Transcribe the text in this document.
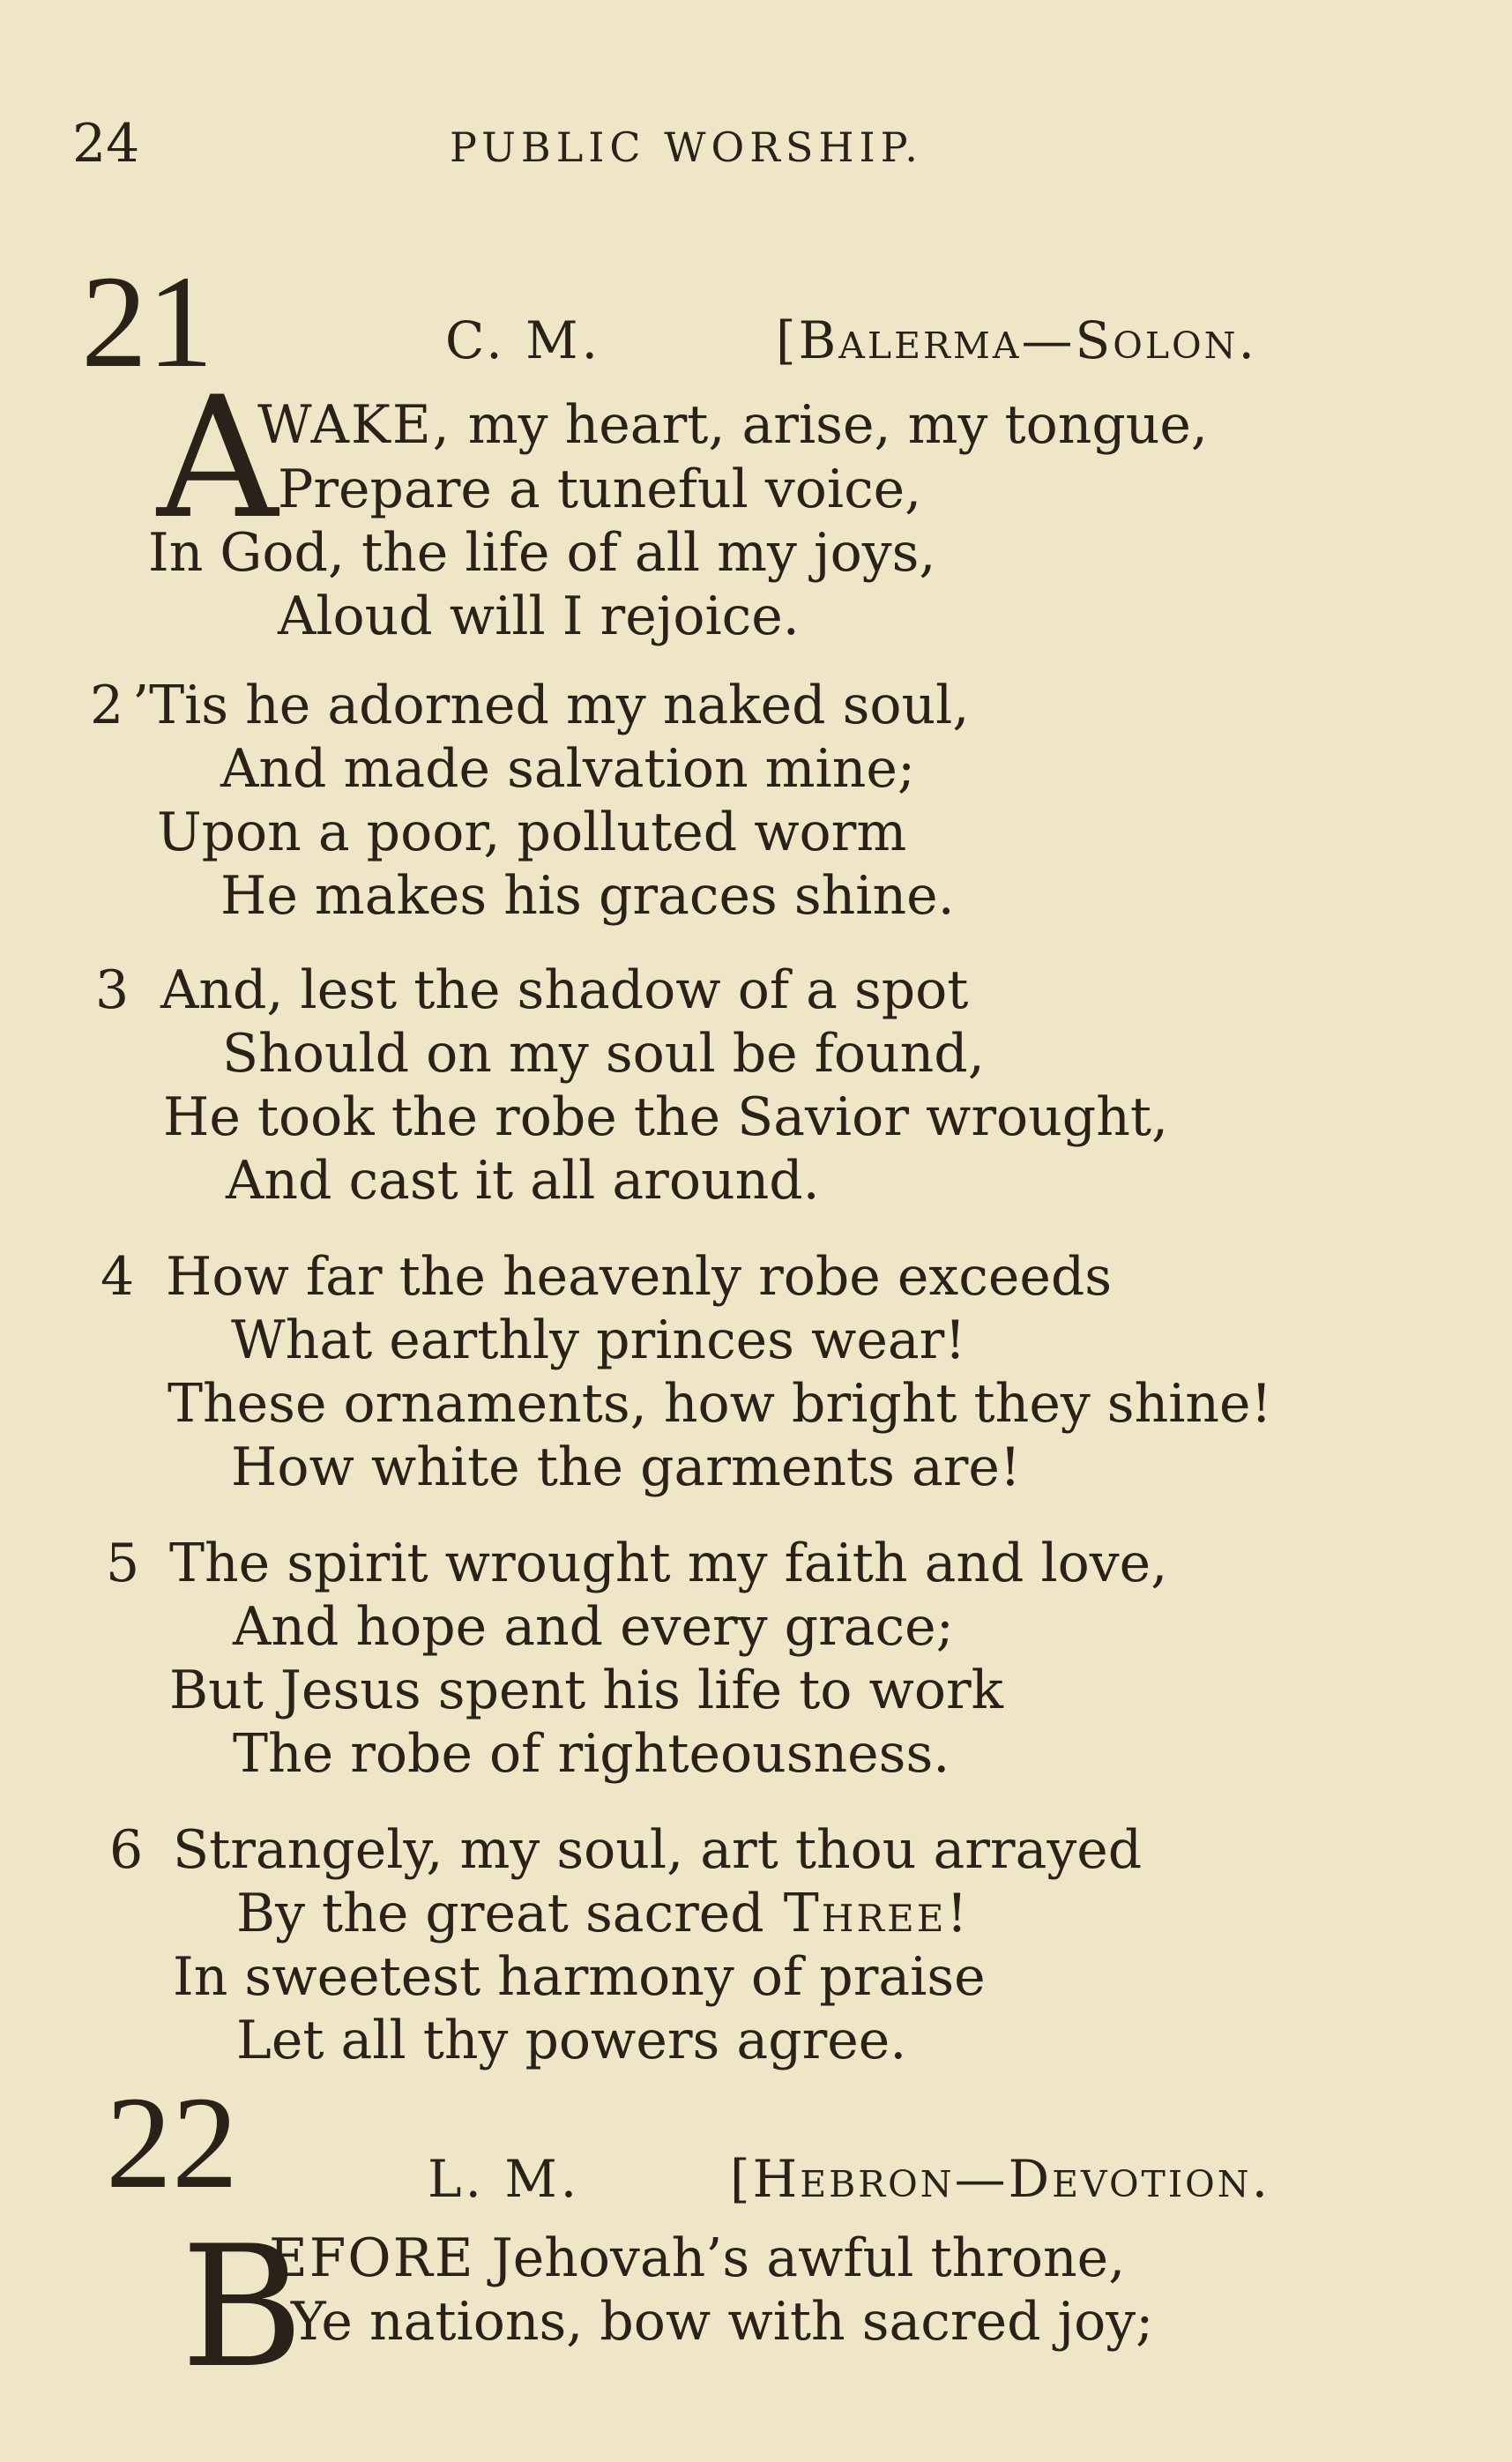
24	PUBLIC WORSHIP.
21	C. M.	[Balerma—Solon.
A
WAKE, my heart, arise, my tongue,
Prepare a tuneful voice,
In God, the life of all my joys,
Aloud will I rejoice.
2 ’Tis he adorned my naked soul,
And made salvation mine;
Upon a poor, polluted worm
He makes his graces shine.
3 And, lest the shadow of a spot
Should on my soul be found,
He took the robe the Savior wrought,
And cast it all around.
4 How far the heavenly robe exceeds
What earthly princes wear!
These ornaments, how bright they shine!
How white the garments are!
5 The spirit wrought my faith and love,
And hope and every grace;
But Jesus spent his life to work
The robe of righteousness.
6 Strangely, my soul, art thou arrayed
By the great sacred Three!
In sweetest harmony of praise
Let all thy powers agree.
22	L. M.	[Hebron—Devotion.
B
EFORE Jehovah’s awful throne,
Ye nations, bow with sacred joy;
